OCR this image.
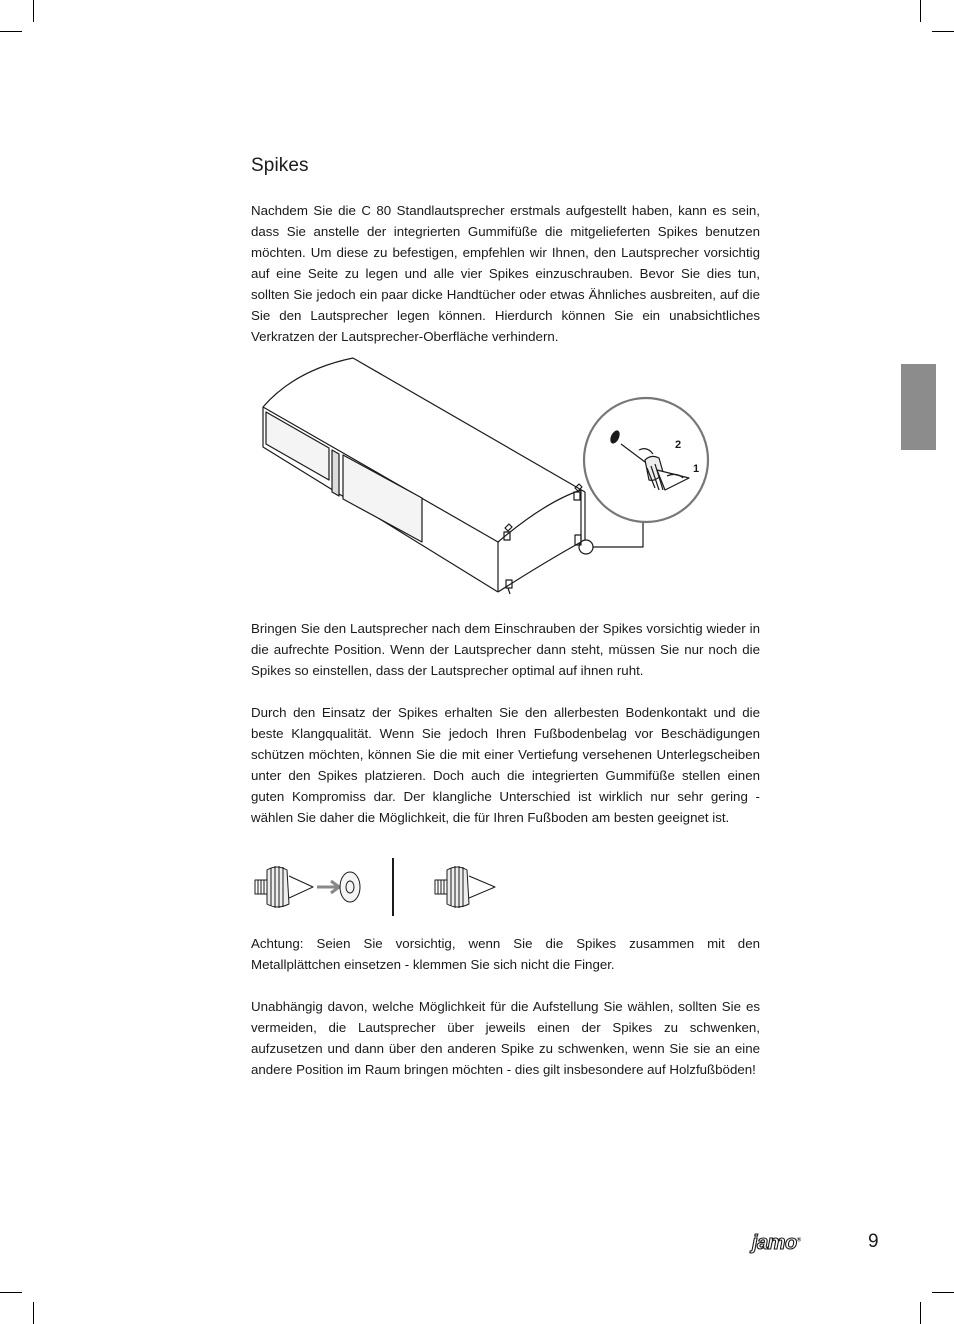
Spikes

Nachdem Sie die C 80 Standlautsprecher erstmals aufgestellt haben, kann es sein, dass Sie anstelle der integrierten Gummifüße die mitgelieferten Spikes benutzen möchten. Um diese zu befestigen, empfehlen wir Ihnen, den Lautsprecher vorsichtig auf eine Seite zu legen und alle vier Spikes einzuschrauben. Bevor Sie dies tun, sollten Sie jedoch ein paar dicke Handtücher oder etwas Ähnliches ausbreiten, auf die Sie den Lautsprecher legen können. Hierdurch können Sie ein unabsichtliches Verkratzen der Lautsprecher-Oberfläche verhindern.

2
1

Bringen Sie den Lautsprecher nach dem Einschrauben der Spikes vorsichtig wieder in die aufrechte Position. Wenn der Lautsprecher dann steht, müssen Sie nur noch die Spikes so einstellen, dass der Lautsprecher optimal auf ihnen ruht.

Durch den Einsatz der Spikes erhalten Sie den allerbesten Bodenkontakt und die beste Klangqualität. Wenn Sie jedoch Ihren Fußbodenbelag vor Beschädigungen schützen möchten, können Sie die mit einer Vertiefung versehenen Unterlegscheiben unter den Spikes platzieren. Doch auch die integrierten Gummifüße stellen einen guten Kompromiss dar. Der klangliche Unterschied ist wirklich nur sehr gering - wählen Sie daher die Möglichkeit, die für Ihren Fußboden am besten geeignet ist.

Achtung: Seien Sie vorsichtig, wenn Sie die Spikes zusammen mit den Metallplättchen einsetzen - klemmen Sie sich nicht die Finger.

Unabhängig davon, welche Möglichkeit für die Aufstellung Sie wählen, sollten Sie es vermeiden, die Lautsprecher über jeweils einen der Spikes zu schwenken, aufzusetzen und dann über den anderen Spike zu schwenken, wenn Sie sie an eine andere Position im Raum bringen möchten - dies gilt insbesondere auf Holzfußböden!

jamo®	9
